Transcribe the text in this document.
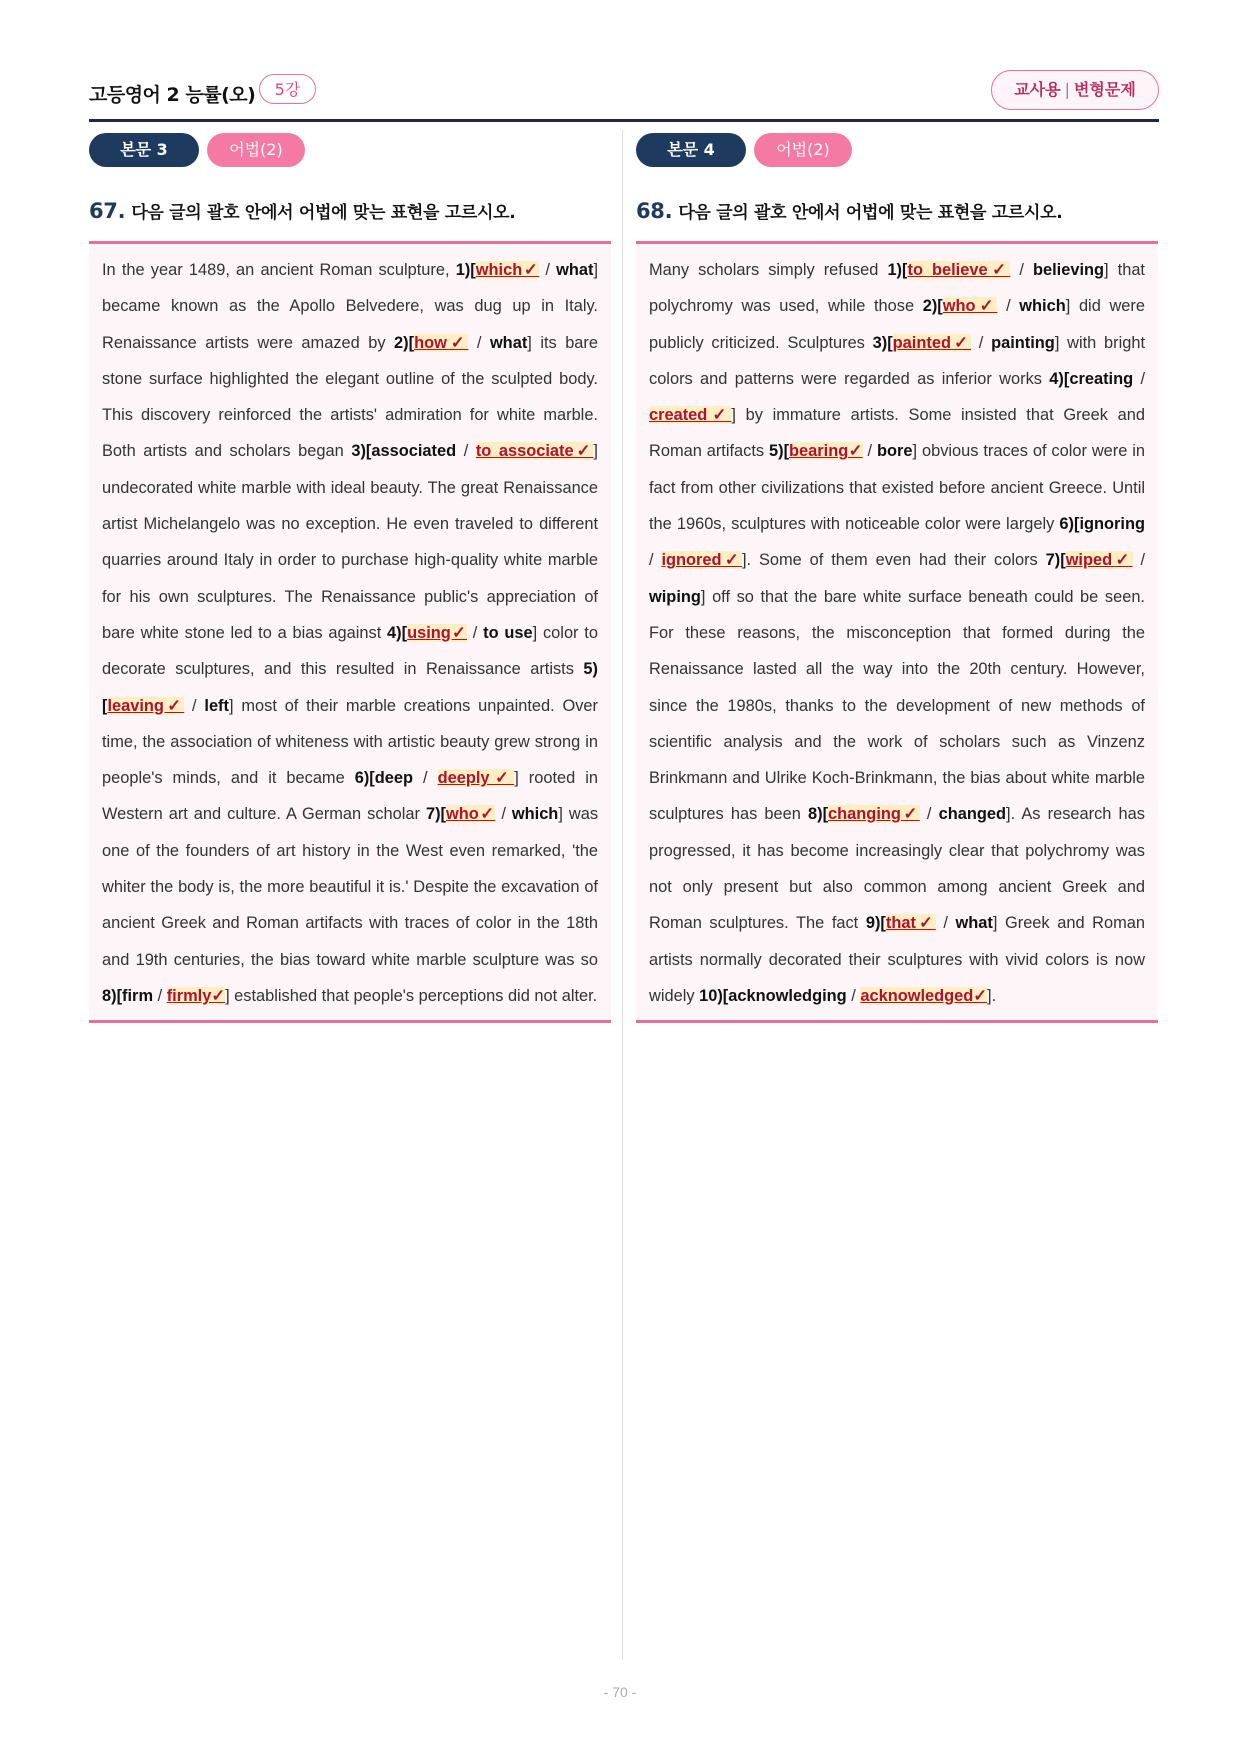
고등영어 2 능률(오)	5강	교사용 | 변형문제
본문 3	어법(2)
67. 다음 글의 괄호 안에서 어법에 맞는 표현을 고르시오.

In the year 1489, an ancient Roman sculpture, 1)[which✓ / what] became known as the Apollo Belvedere, was dug up in Italy. Renaissance artists were amazed by 2)[how✓ / what] its bare stone surface highlighted the elegant outline of the sculpted body. This discovery reinforced the artists' admiration for white marble. Both artists and scholars began 3)[associated / to associate✓] undecorated white marble with ideal beauty. The great Renaissance artist Michelangelo was no exception. He even traveled to different quarries around Italy in order to purchase high-quality white marble for his own sculptures. The Renaissance public's appreciation of bare white stone led to a bias against 4)[using✓ / to use] color to decorate sculptures, and this resulted in Renaissance artists 5)[leaving✓ / left] most of their marble creations unpainted. Over time, the association of whiteness with artistic beauty grew strong in people's minds, and it became 6)[deep / deeply✓] rooted in Western art and culture. A German scholar 7)[who✓ / which] was one of the founders of art history in the West even remarked, 'the whiter the body is, the more beautiful it is.' Despite the excavation of ancient Greek and Roman artifacts with traces of color in the 18th and 19th centuries, the bias toward white marble sculpture was so 8)[firm / firmly✓] established that people's perceptions did not alter.

본문 4	어법(2)
68. 다음 글의 괄호 안에서 어법에 맞는 표현을 고르시오.

Many scholars simply refused 1)[to believe✓ / believing] that polychromy was used, while those 2)[who✓ / which] did were publicly criticized. Sculptures 3)[painted✓ / painting] with bright colors and patterns were regarded as inferior works 4)[creating / created✓] by immature artists. Some insisted that Greek and Roman artifacts 5)[bearing✓ / bore] obvious traces of color were in fact from other civilizations that existed before ancient Greece. Until the 1960s, sculptures with noticeable color were largely 6)[ignoring / ignored✓]. Some of them even had their colors 7)[wiped✓ / wiping] off so that the bare white surface beneath could be seen. For these reasons, the misconception that formed during the Renaissance lasted all the way into the 20th century. However, since the 1980s, thanks to the development of new methods of scientific analysis and the work of scholars such as Vinzenz Brinkmann and Ulrike Koch-Brinkmann, the bias about white marble sculptures has been 8)[changing✓ / changed]. As research has progressed, it has become increasingly clear that polychromy was not only present but also common among ancient Greek and Roman sculptures. The fact 9)[that✓ / what] Greek and Roman artists normally decorated their sculptures with vivid colors is now widely 10)[acknowledging / acknowledged✓].

- 70 -
